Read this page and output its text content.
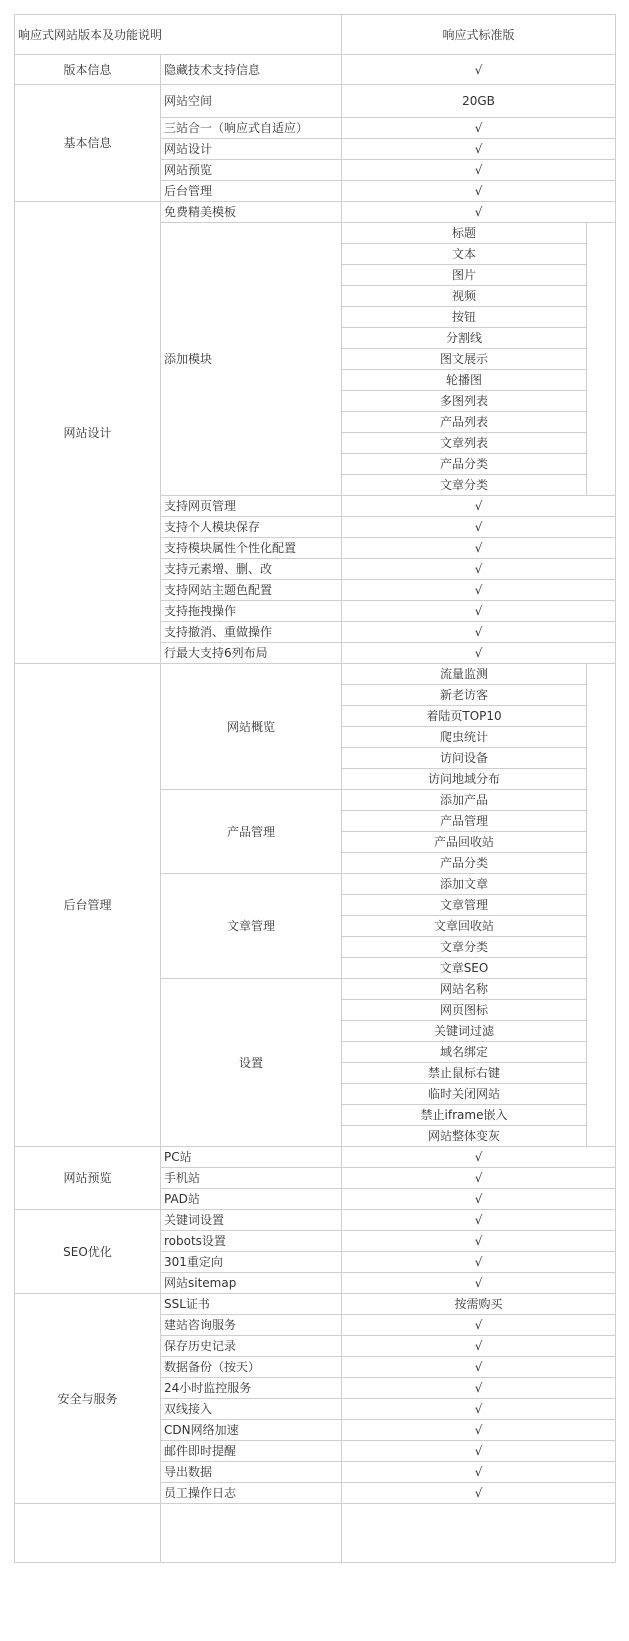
响应式网站版本及功能说明		响应式标准版	
版本信息	隐藏技术支持信息	√	
基本信息	网站空间	20GB	
	三站合一（响应式自适应）	√	
	网站设计	√	
	网站预览	√	
	后台管理	√	
网站设计	免费精美模板	√	
	添加模块	标题	
		文本	
		图片	
		视频	
		按钮	
		分割线	
		图文展示	
		轮播图	
		多图列表	
		产品列表	
		文章列表	
		产品分类	
		文章分类	
	支持网页管理	√	
	支持个人模块保存	√	
	支持模块属性个性化配置	√	
	支持元素增、删、改	√	
	支持网站主题色配置	√	
	支持拖拽操作	√	
	支持撤消、重做操作	√	
	行最大支持6列布局	√	
后台管理	网站概览	流量监测	
		新老访客	
		着陆页TOP10	
		爬虫统计	
		访问设备	
		访问地域分布	
	产品管理	添加产品	
		产品管理	
		产品回收站	
		产品分类	
	文章管理	添加文章	
		文章管理	
		文章回收站	
		文章分类	
		文章SEO	
	设置	网站名称	
		网页图标	
		关键词过滤	
		域名绑定	
		禁止鼠标右键	
		临时关闭网站	
		禁止iframe嵌入	
		网站整体变灰	
网站预览	PC站	√	
	手机站	√	
	PAD站	√	
SEO优化	关键词设置	√	
	robots设置	√	
	301重定向	√	
	网站sitemap	√	
安全与服务	SSL证书	按需购买	
	建站咨询服务	√	
	保存历史记录	√	
	数据备份（按天）	√	
	24小时监控服务	√	
	双线接入	√	
	CDN网络加速	√	
	邮件即时提醒	√	
	导出数据	√	
	员工操作日志	√	
